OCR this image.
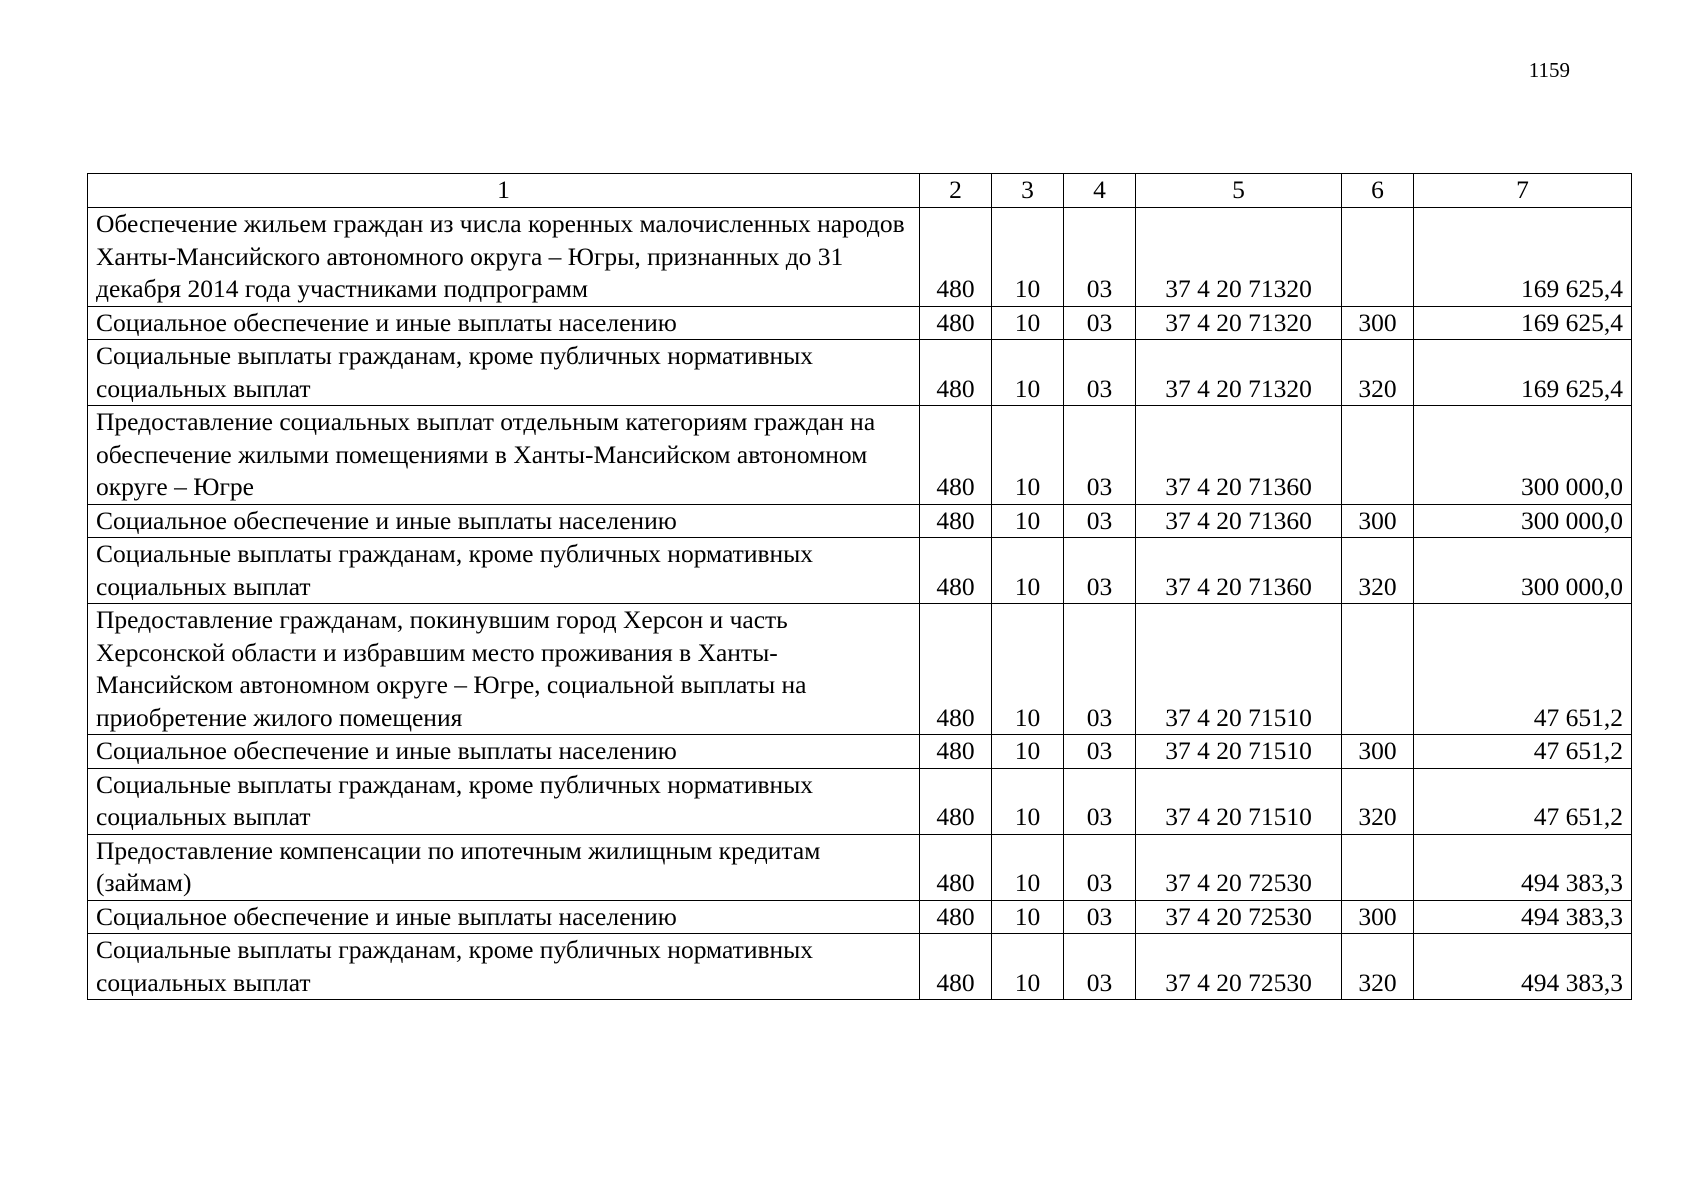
1159
1	2	3	4	5	6	7
Обеспечение жильем граждан из числа коренных малочисленных народов Ханты-Мансийского автономного округа – Югры, признанных до 31 декабря 2014 года участниками подпрограмм	480	10	03	37 4 20 71320		169 625,4
Социальное обеспечение и иные выплаты населению	480	10	03	37 4 20 71320	300	169 625,4
Социальные выплаты гражданам, кроме публичных нормативных социальных выплат	480	10	03	37 4 20 71320	320	169 625,4
Предоставление социальных выплат отдельным категориям граждан на обеспечение жилыми помещениями в Ханты-Мансийском автономном округе – Югре	480	10	03	37 4 20 71360		300 000,0
Социальное обеспечение и иные выплаты населению	480	10	03	37 4 20 71360	300	300 000,0
Социальные выплаты гражданам, кроме публичных нормативных социальных выплат	480	10	03	37 4 20 71360	320	300 000,0
Предоставление гражданам, покинувшим город Херсон и часть Херсонской области и избравшим место проживания в Ханты-Мансийском автономном округе – Югре, социальной выплаты на приобретение жилого помещения	480	10	03	37 4 20 71510		47 651,2
Социальное обеспечение и иные выплаты населению	480	10	03	37 4 20 71510	300	47 651,2
Социальные выплаты гражданам, кроме публичных нормативных социальных выплат	480	10	03	37 4 20 71510	320	47 651,2
Предоставление компенсации по ипотечным жилищным кредитам (займам)	480	10	03	37 4 20 72530		494 383,3
Социальное обеспечение и иные выплаты населению	480	10	03	37 4 20 72530	300	494 383,3
Социальные выплаты гражданам, кроме публичных нормативных социальных выплат	480	10	03	37 4 20 72530	320	494 383,3
